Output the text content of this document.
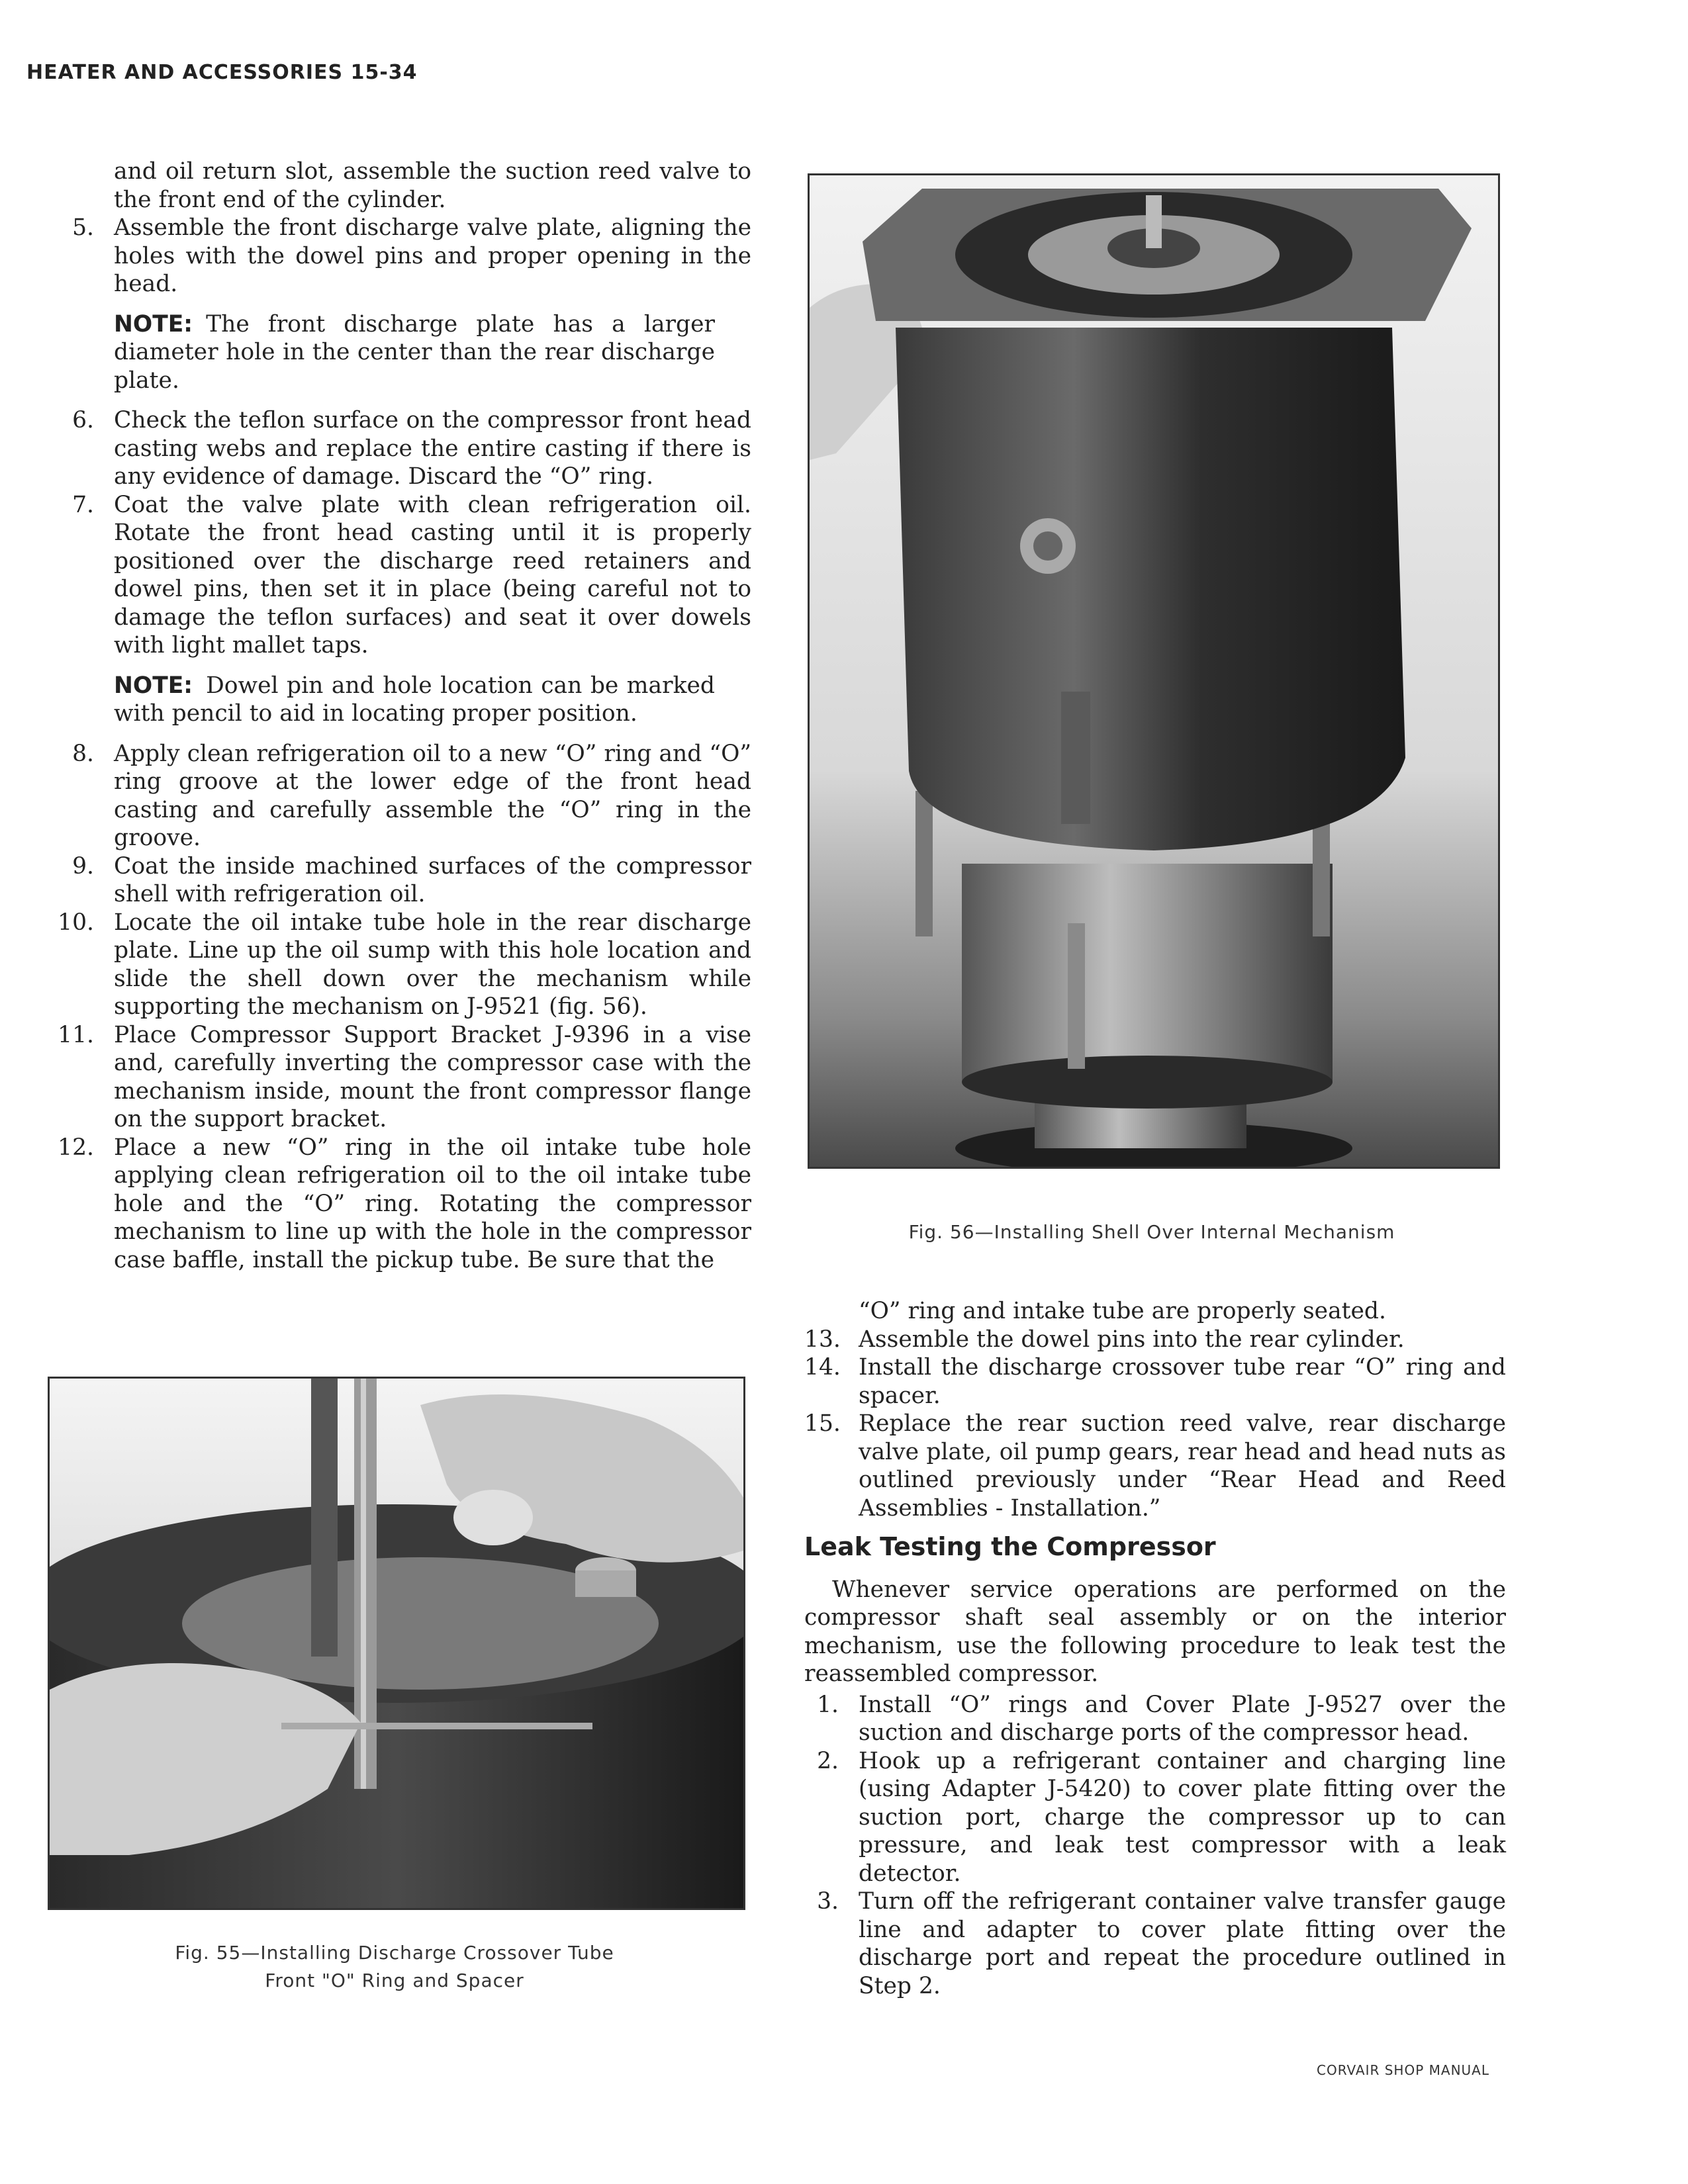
HEATER AND ACCESSORIES 15-34
and oil return slot, assemble the suction reed valve to the front end of the cylinder.
5. Assemble the front discharge valve plate, aligning the holes with the dowel pins and proper opening in the head.
NOTE: The front discharge plate has a larger diameter hole in the center than the rear discharge plate.
6. Check the teflon surface on the compressor front head casting webs and replace the entire casting if there is any evidence of damage. Discard the “O” ring.
7. Coat the valve plate with clean refrigeration oil. Rotate the front head casting until it is properly positioned over the discharge reed retainers and dowel pins, then set it in place (being careful not to damage the teflon surfaces) and seat it over dowels with light mallet taps.
NOTE: Dowel pin and hole location can be marked with pencil to aid in locating proper position.
8. Apply clean refrigeration oil to a new “O” ring and “O” ring groove at the lower edge of the front head casting and carefully assemble the “O” ring in the groove.
9. Coat the inside machined surfaces of the compressor shell with refrigeration oil.
10. Locate the oil intake tube hole in the rear discharge plate. Line up the oil sump with this hole location and slide the shell down over the mechanism while supporting the mechanism on J-9521 (fig. 56).
11. Place Compressor Support Bracket J-9396 in a vise and, carefully inverting the compressor case with the mechanism inside, mount the front compressor flange on the support bracket.
12. Place a new “O” ring in the oil intake tube hole applying clean refrigeration oil to the oil intake tube hole and the “O” ring. Rotating the compressor mechanism to line up with the hole in the compressor case baffle, install the pickup tube. Be sure that the
Fig. 56—Installing Shell Over Internal Mechanism
Fig. 55—Installing Discharge Crossover Tube
Front "O" Ring and Spacer
“O” ring and intake tube are properly seated.
13. Assemble the dowel pins into the rear cylinder.
14. Install the discharge crossover tube rear “O” ring and spacer.
15. Replace the rear suction reed valve, rear discharge valve plate, oil pump gears, rear head and head nuts as outlined previously under “Rear Head and Reed Assemblies - Installation.”
Leak Testing the Compressor
Whenever service operations are performed on the compressor shaft seal assembly or on the interior mechanism, use the following procedure to leak test the reassembled compressor.
1. Install “O” rings and Cover Plate J-9527 over the suction and discharge ports of the compressor head.
2. Hook up a refrigerant container and charging line (using Adapter J-5420) to cover plate fitting over the suction port, charge the compressor up to can pressure, and leak test compressor with a leak detector.
3. Turn off the refrigerant container valve transfer gauge line and adapter to cover plate fitting over the discharge port and repeat the procedure outlined in Step 2.
CORVAIR SHOP MANUAL
